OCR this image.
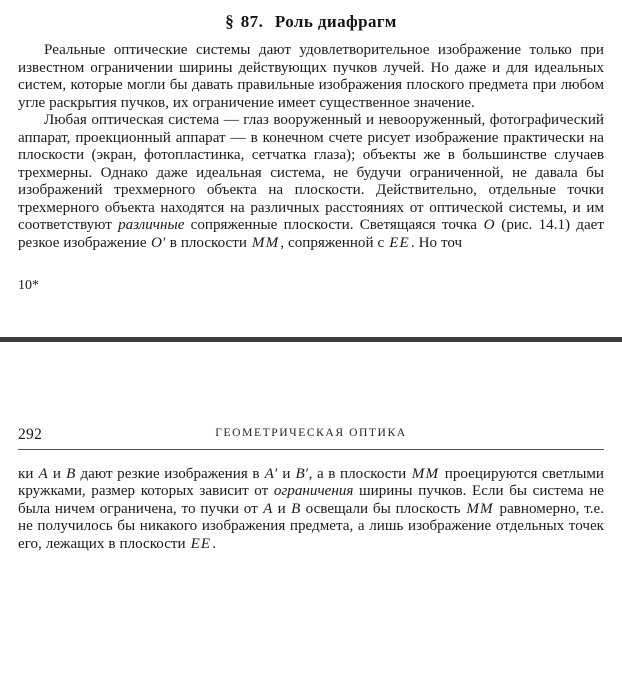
§ 87. Роль диафрагм

Реальные оптические системы дают удовлетворительное изображение только при известном ограничении ширины действующих пучков лучей. Но даже и для идеальных систем, которые могли бы давать правильные изображения плоского предмета при любом угле раскрытия пучков, их ограничение имеет существенное значение.

Любая оптическая система — глаз вооруженный и невооруженный, фотографический аппарат, проекционный аппарат — в конечном счете рисует изображение практически на плоскости (экран, фотопластинка, сетчатка глаза); объекты же в большинстве случаев трехмерны. Однако даже идеальная система, не будучи ограниченной, не давала бы изображений трехмерного объекта на плоскости. Действительно, отдельные точки трехмерного объекта находятся на различных расстояниях от оптической системы, и им соответствуют различные сопряженные плоскости. Светящаяся точка O (рис. 14.1) дает резкое изображение O′ в плоскости MM, сопряженной с EE. Но точ

10*

292	ГЕОМЕТРИЧЕСКАЯ ОПТИКА

ки A и B дают резкие изображения в A′ и B′, а в плоскости MM проецируются светлыми кружками, размер которых зависит от ограничения ширины пучков. Если бы система не была ничем ограничена, то пучки от A и B освещали бы плоскость MM равномерно, т.е. не получилось бы никакого изображения предмета, а лишь изображение отдельных точек его, лежащих в плоскости EE.
